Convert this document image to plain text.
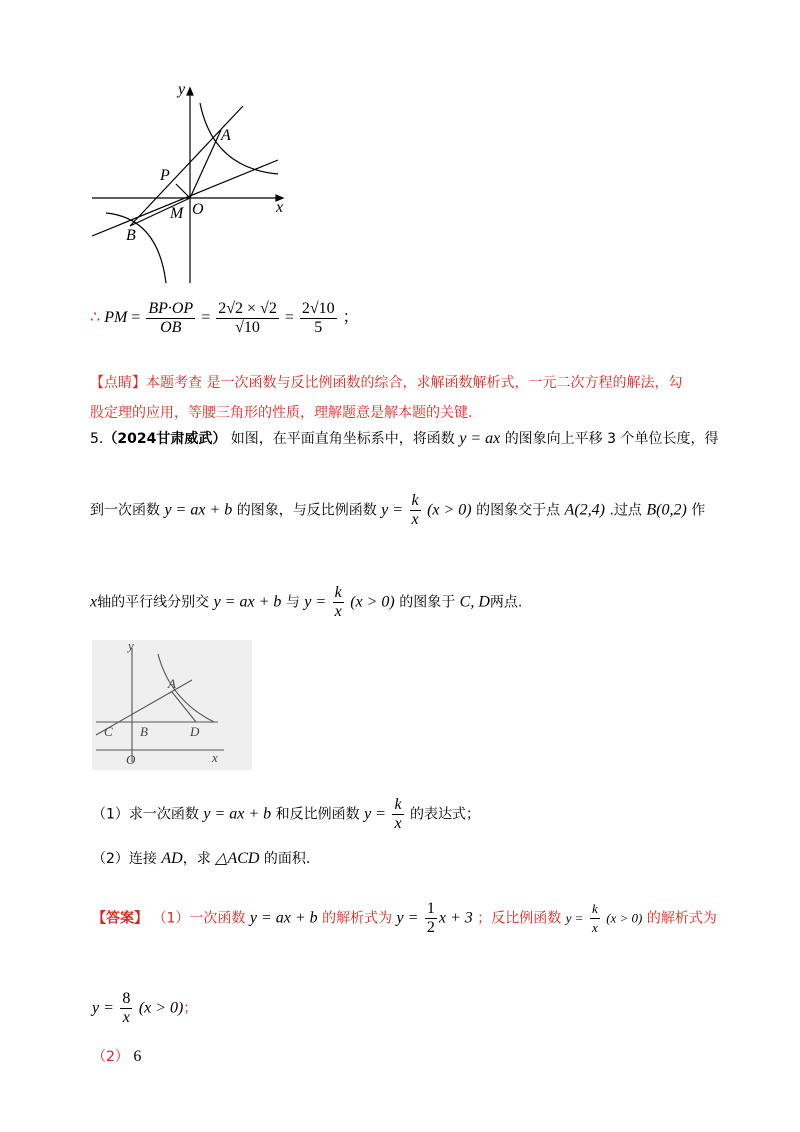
y
x
A
P
M O
B
∴ PM = $\frac{BP\cdot OP}{OB} = \frac{2√2 \times √2}{√10} = \frac{2√10}{5}$ ；
【点睛】本题考查 是一次函数与反比例函数的综合，求解函数解析式，一元二次方程的解法，勾
股定理的应用，等腰三角形的性质，理解题意是解本题的关键.
5.（2024甘肃威武） 如图，在平面直角坐标系中，将函数 y = ax 的图象向上平移 3 个单位长度，得
到一次函数 y = ax + b 的图象，与反比例函数 $y = \frac{k}{x} (x > 0)$ 的图象交于点 A(2,4) .过点 B(0,2) 作
x轴的平行线分别交 y = ax + b 与 $y = \frac{k}{x} (x > 0)$ 的图象于 C, D两点.
y
x
A
C B	D
O
（1）求一次函数 y = ax + b 和反比例函数 $y = \frac{k}{x}$ 的表达式；
（2）连接 AD，求 △ACD 的面积.
【答案】 （1）一次函数 y = ax + b 的解析式为 $y = \frac{1}{2}$ x + 3 ；反比例函数 $y = \frac{k}{x} (x > 0)$ 的解析式为
$y = \frac{8}{x} (x > 0)$；
（2） 6
